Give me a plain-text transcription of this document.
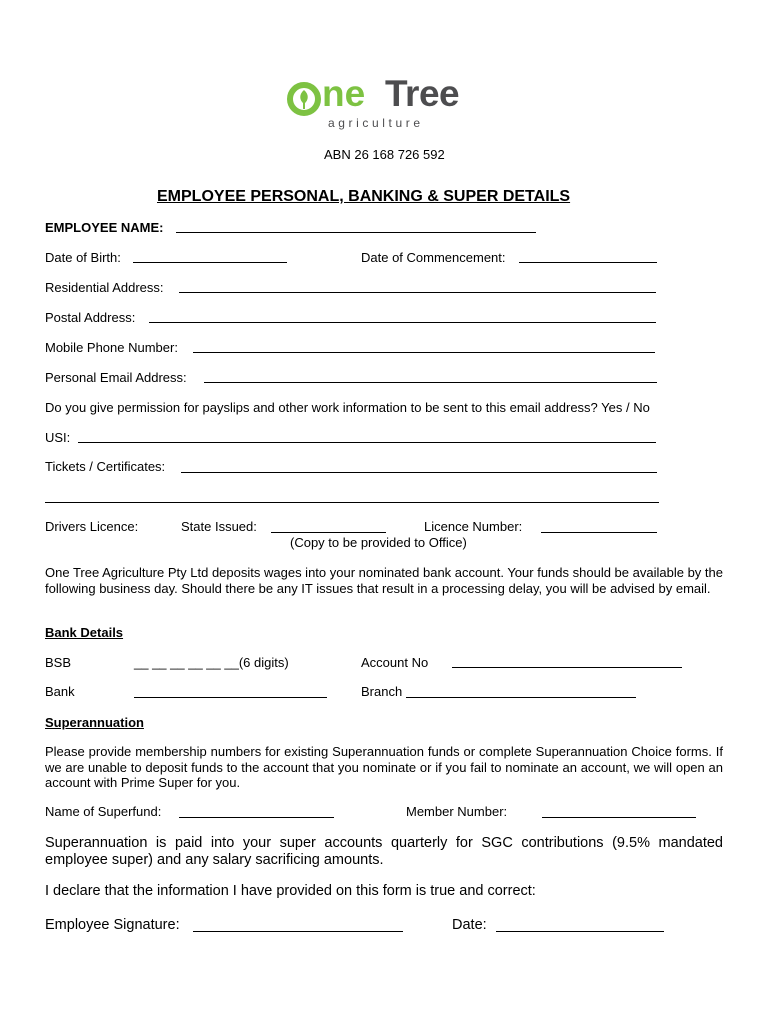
ne Tree
agriculture
ABN 26 168 726 592
EMPLOYEE PERSONAL, BANKING & SUPER DETAILS
EMPLOYEE NAME:
Date of Birth:	Date of Commencement:
Residential Address:
Postal Address:
Mobile Phone Number:
Personal Email Address:
Do you give permission for payslips and other work information to be sent to this email address? Yes / No
USI:
Tickets / Certificates:
Drivers Licence:	State Issued:	Licence Number:
(Copy to be provided to Office)
One Tree Agriculture Pty Ltd deposits wages into your nominated bank account. Your funds should be available by the following business day. Should there be any IT issues that result in a processing delay, you will be advised by email.
Bank Details
BSB	__ __ __ __ __ __(6 digits)	Account No
Bank	Branch
Superannuation
Please provide membership numbers for existing Superannuation funds or complete Superannuation Choice forms. If we are unable to deposit funds to the account that you nominate or if you fail to nominate an account, we will open an account with Prime Super for you.
Name of Superfund:	Member Number:
Superannuation is paid into your super accounts quarterly for SGC contributions (9.5% mandated employee super) and any salary sacrificing amounts.
I declare that the information I have provided on this form is true and correct:
Employee Signature:	Date:
